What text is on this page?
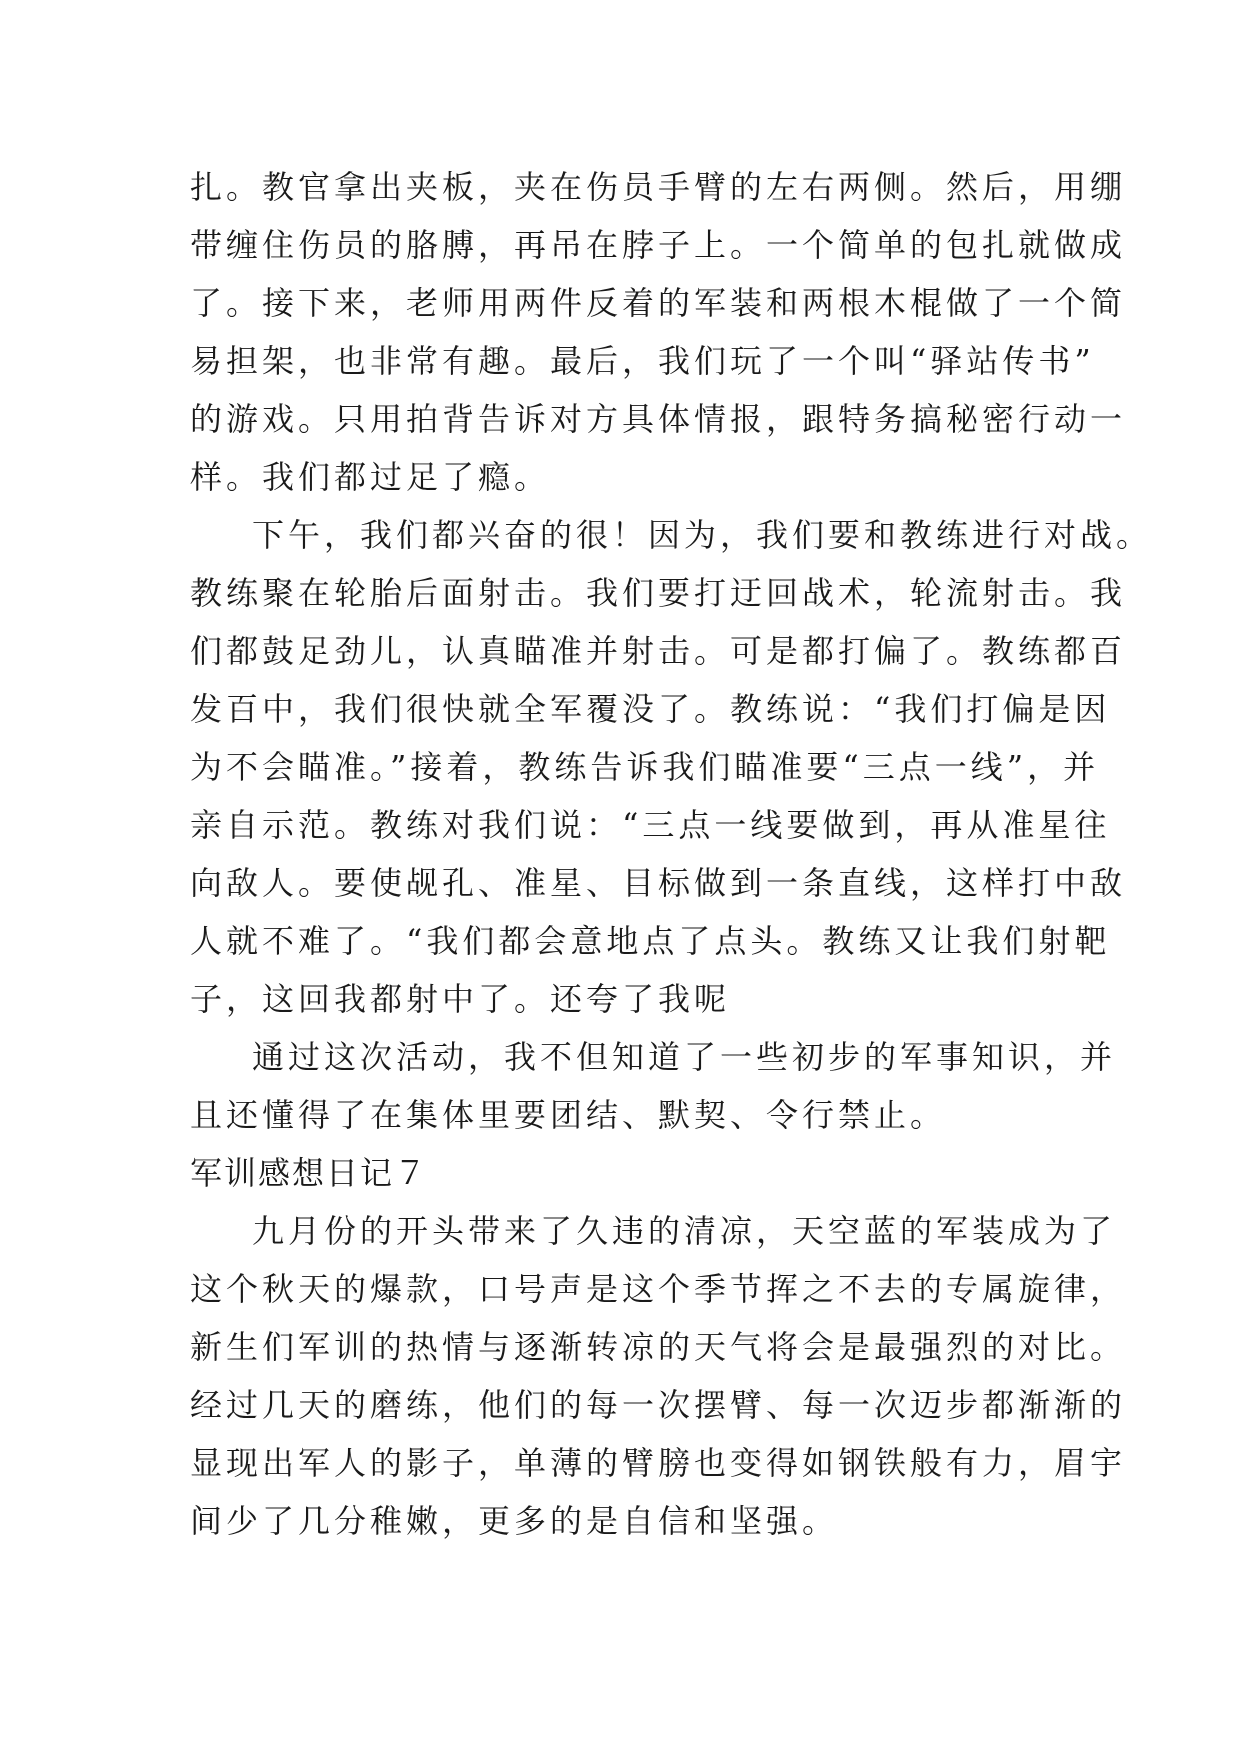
扎。教官拿出夹板，夹在伤员手臂的左右两侧。然后，用绷
带缠住伤员的胳膊，再吊在脖子上。一个简单的包扎就做成
了。接下来，老师用两件反着的军装和两根木棍做了一个简
易担架，也非常有趣。最后，我们玩了一个叫“驿站传书”
的游戏。只用拍背告诉对方具体情报，跟特务搞秘密行动一
样。我们都过足了瘾。
下午，我们都兴奋的很！因为，我们要和教练进行对战。
教练聚在轮胎后面射击。我们要打迂回战术，轮流射击。我
们都鼓足劲儿，认真瞄准并射击。可是都打偏了。教练都百
发百中，我们很快就全军覆没了。教练说：“我们打偏是因
为不会瞄准。”接着，教练告诉我们瞄准要“三点一线”，并
亲自示范。教练对我们说：“三点一线要做到，再从准星往
向敌人。要使觇孔、准星、目标做到一条直线，这样打中敌
人就不难了。“我们都会意地点了点头。教练又让我们射靶
子，这回我都射中了。还夸了我呢
通过这次活动，我不但知道了一些初步的军事知识，并
且还懂得了在集体里要团结、默契、令行禁止。
军训感想日记７
九月份的开头带来了久违的清凉，天空蓝的军装成为了
这个秋天的爆款，口号声是这个季节挥之不去的专属旋律，
新生们军训的热情与逐渐转凉的天气将会是最强烈的对比。
经过几天的磨练，他们的每一次摆臂、每一次迈步都渐渐的
显现出军人的影子，单薄的臂膀也变得如钢铁般有力，眉宇
间少了几分稚嫩，更多的是自信和坚强。
